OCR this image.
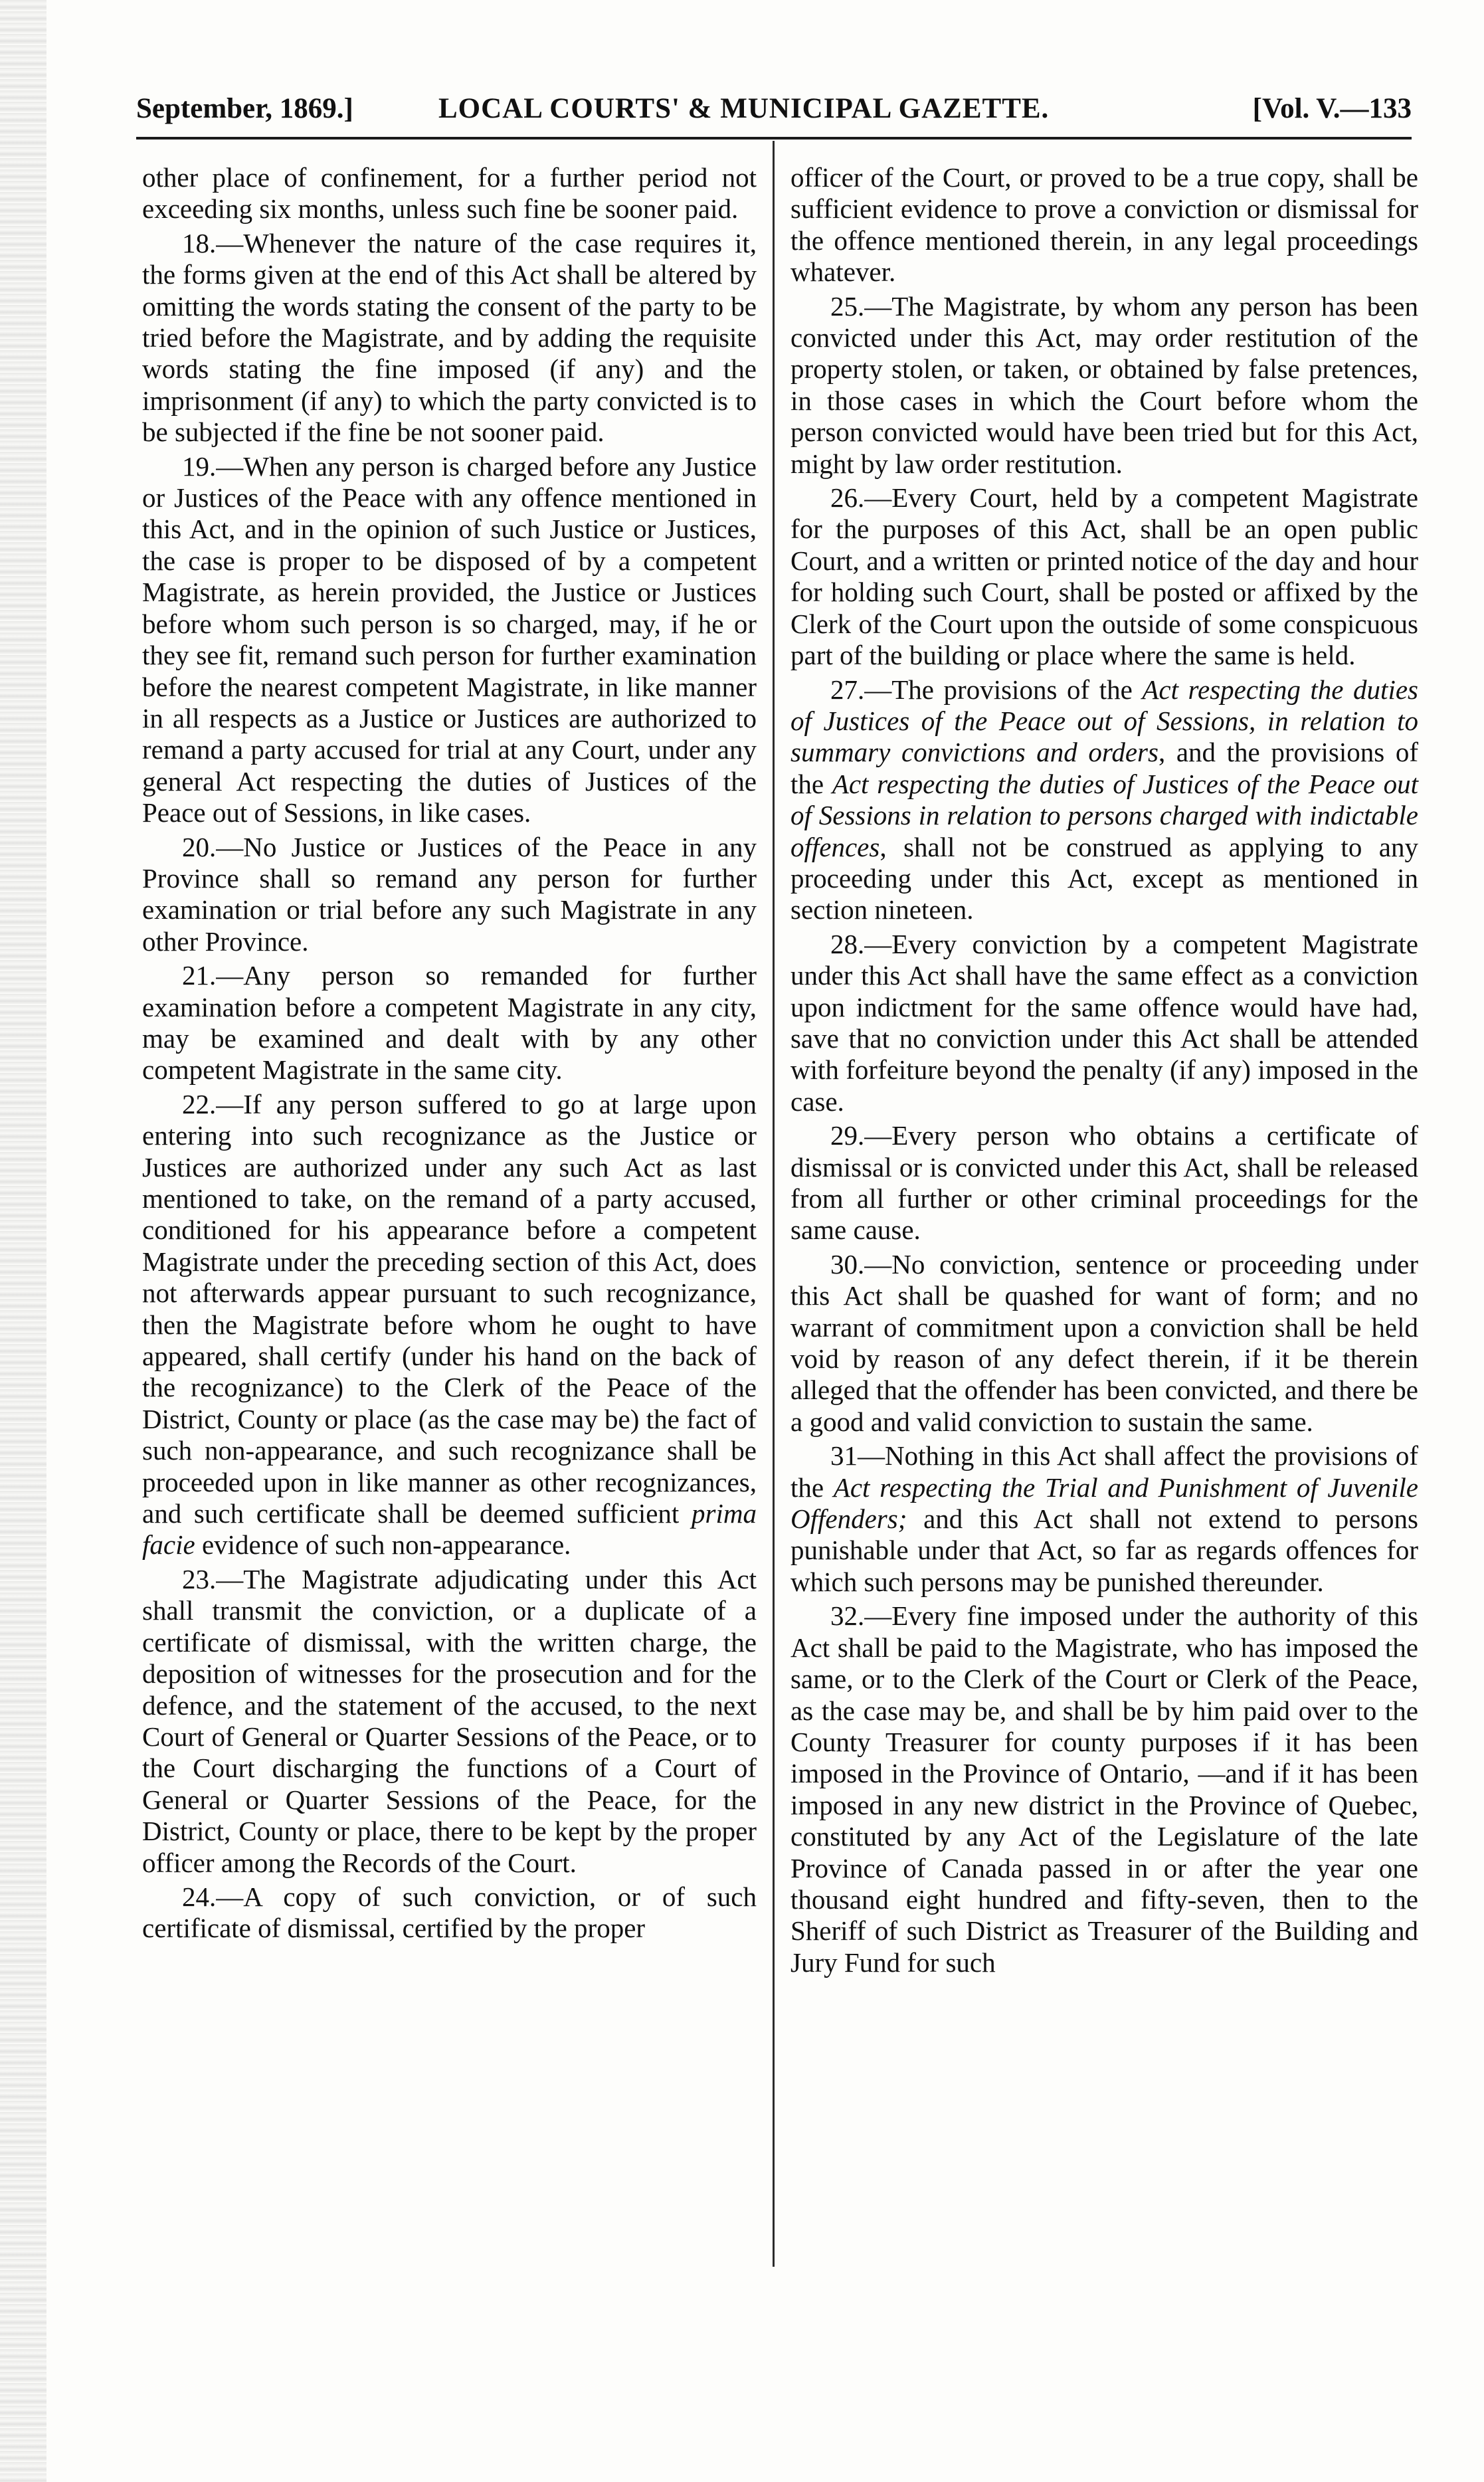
September, 1869.]	LOCAL COURTS' & MUNICIPAL GAZETTE.	[Vol. V.—133

other place of confinement, for a further period not exceeding six months, unless such fine be sooner paid.

18.—Whenever the nature of the case requires it, the forms given at the end of this Act shall be altered by omitting the words stating the consent of the party to be tried before the Magistrate, and by adding the requisite words stating the fine imposed (if any) and the imprisonment (if any) to which the party convicted is to be subjected if the fine be not sooner paid.

19.—When any person is charged before any Justice or Justices of the Peace with any offence mentioned in this Act, and in the opinion of such Justice or Justices, the case is proper to be disposed of by a competent Magistrate, as herein provided, the Justice or Justices before whom such person is so charged, may, if he or they see fit, remand such person for further examination before the nearest competent Magistrate, in like manner in all respects as a Justice or Justices are authorized to remand a party accused for trial at any Court, under any general Act respecting the duties of Justices of the Peace out of Sessions, in like cases.

20.—No Justice or Justices of the Peace in any Province shall so remand any person for further examination or trial before any such Magistrate in any other Province.

21.—Any person so remanded for further examination before a competent Magistrate in any city, may be examined and dealt with by any other competent Magistrate in the same city.

22.—If any person suffered to go at large upon entering into such recognizance as the Justice or Justices are authorized under any such Act as last mentioned to take, on the remand of a party accused, conditioned for his appearance before a competent Magistrate under the preceding section of this Act, does not afterwards appear pursuant to such recognizance, then the Magistrate before whom he ought to have appeared, shall certify (under his hand on the back of the recognizance) to the Clerk of the Peace of the District, County or place (as the case may be) the fact of such non-appearance, and such recognizance shall be proceeded upon in like manner as other recognizances, and such certificate shall be deemed sufficient prima facie evidence of such non-appearance.

23.—The Magistrate adjudicating under this Act shall transmit the conviction, or a duplicate of a certificate of dismissal, with the written charge, the deposition of witnesses for the prosecution and for the defence, and the statement of the accused, to the next Court of General or Quarter Sessions of the Peace, or to the Court discharging the functions of a Court of General or Quarter Sessions of the Peace, for the District, County or place, there to be kept by the proper officer among the Records of the Court.

24.—A copy of such conviction, or of such certificate of dismissal, certified by the proper

officer of the Court, or proved to be a true copy, shall be sufficient evidence to prove a conviction or dismissal for the offence mentioned therein, in any legal proceedings whatever.

25.—The Magistrate, by whom any person has been convicted under this Act, may order restitution of the property stolen, or taken, or obtained by false pretences, in those cases in which the Court before whom the person convicted would have been tried but for this Act, might by law order restitution.

26.—Every Court, held by a competent Magistrate for the purposes of this Act, shall be an open public Court, and a written or printed notice of the day and hour for holding such Court, shall be posted or affixed by the Clerk of the Court upon the outside of some conspicuous part of the building or place where the same is held.

27.—The provisions of the Act respecting the duties of Justices of the Peace out of Sessions, in relation to summary convictions and orders, and the provisions of the Act respecting the duties of Justices of the Peace out of Sessions in relation to persons charged with indictable offences, shall not be construed as applying to any proceeding under this Act, except as mentioned in section nineteen.

28.—Every conviction by a competent Magistrate under this Act shall have the same effect as a conviction upon indictment for the same offence would have had, save that no conviction under this Act shall be attended with forfeiture beyond the penalty (if any) imposed in the case.

29.—Every person who obtains a certificate of dismissal or is convicted under this Act, shall be released from all further or other criminal proceedings for the same cause.

30.—No conviction, sentence or proceeding under this Act shall be quashed for want of form; and no warrant of commitment upon a conviction shall be held void by reason of any defect therein, if it be therein alleged that the offender has been convicted, and there be a good and valid conviction to sustain the same.

31—Nothing in this Act shall affect the provisions of the Act respecting the Trial and Punishment of Juvenile Offenders; and this Act shall not extend to persons punishable under that Act, so far as regards offences for which such persons may be punished thereunder.

32.—Every fine imposed under the authority of this Act shall be paid to the Magistrate, who has imposed the same, or to the Clerk of the Court or Clerk of the Peace, as the case may be, and shall be by him paid over to the County Treasurer for county purposes if it has been imposed in the Province of Ontario, —and if it has been imposed in any new district in the Province of Quebec, constituted by any Act of the Legislature of the late Province of Canada passed in or after the year one thousand eight hundred and fifty-seven, then to the Sheriff of such District as Treasurer of the Building and Jury Fund for such
